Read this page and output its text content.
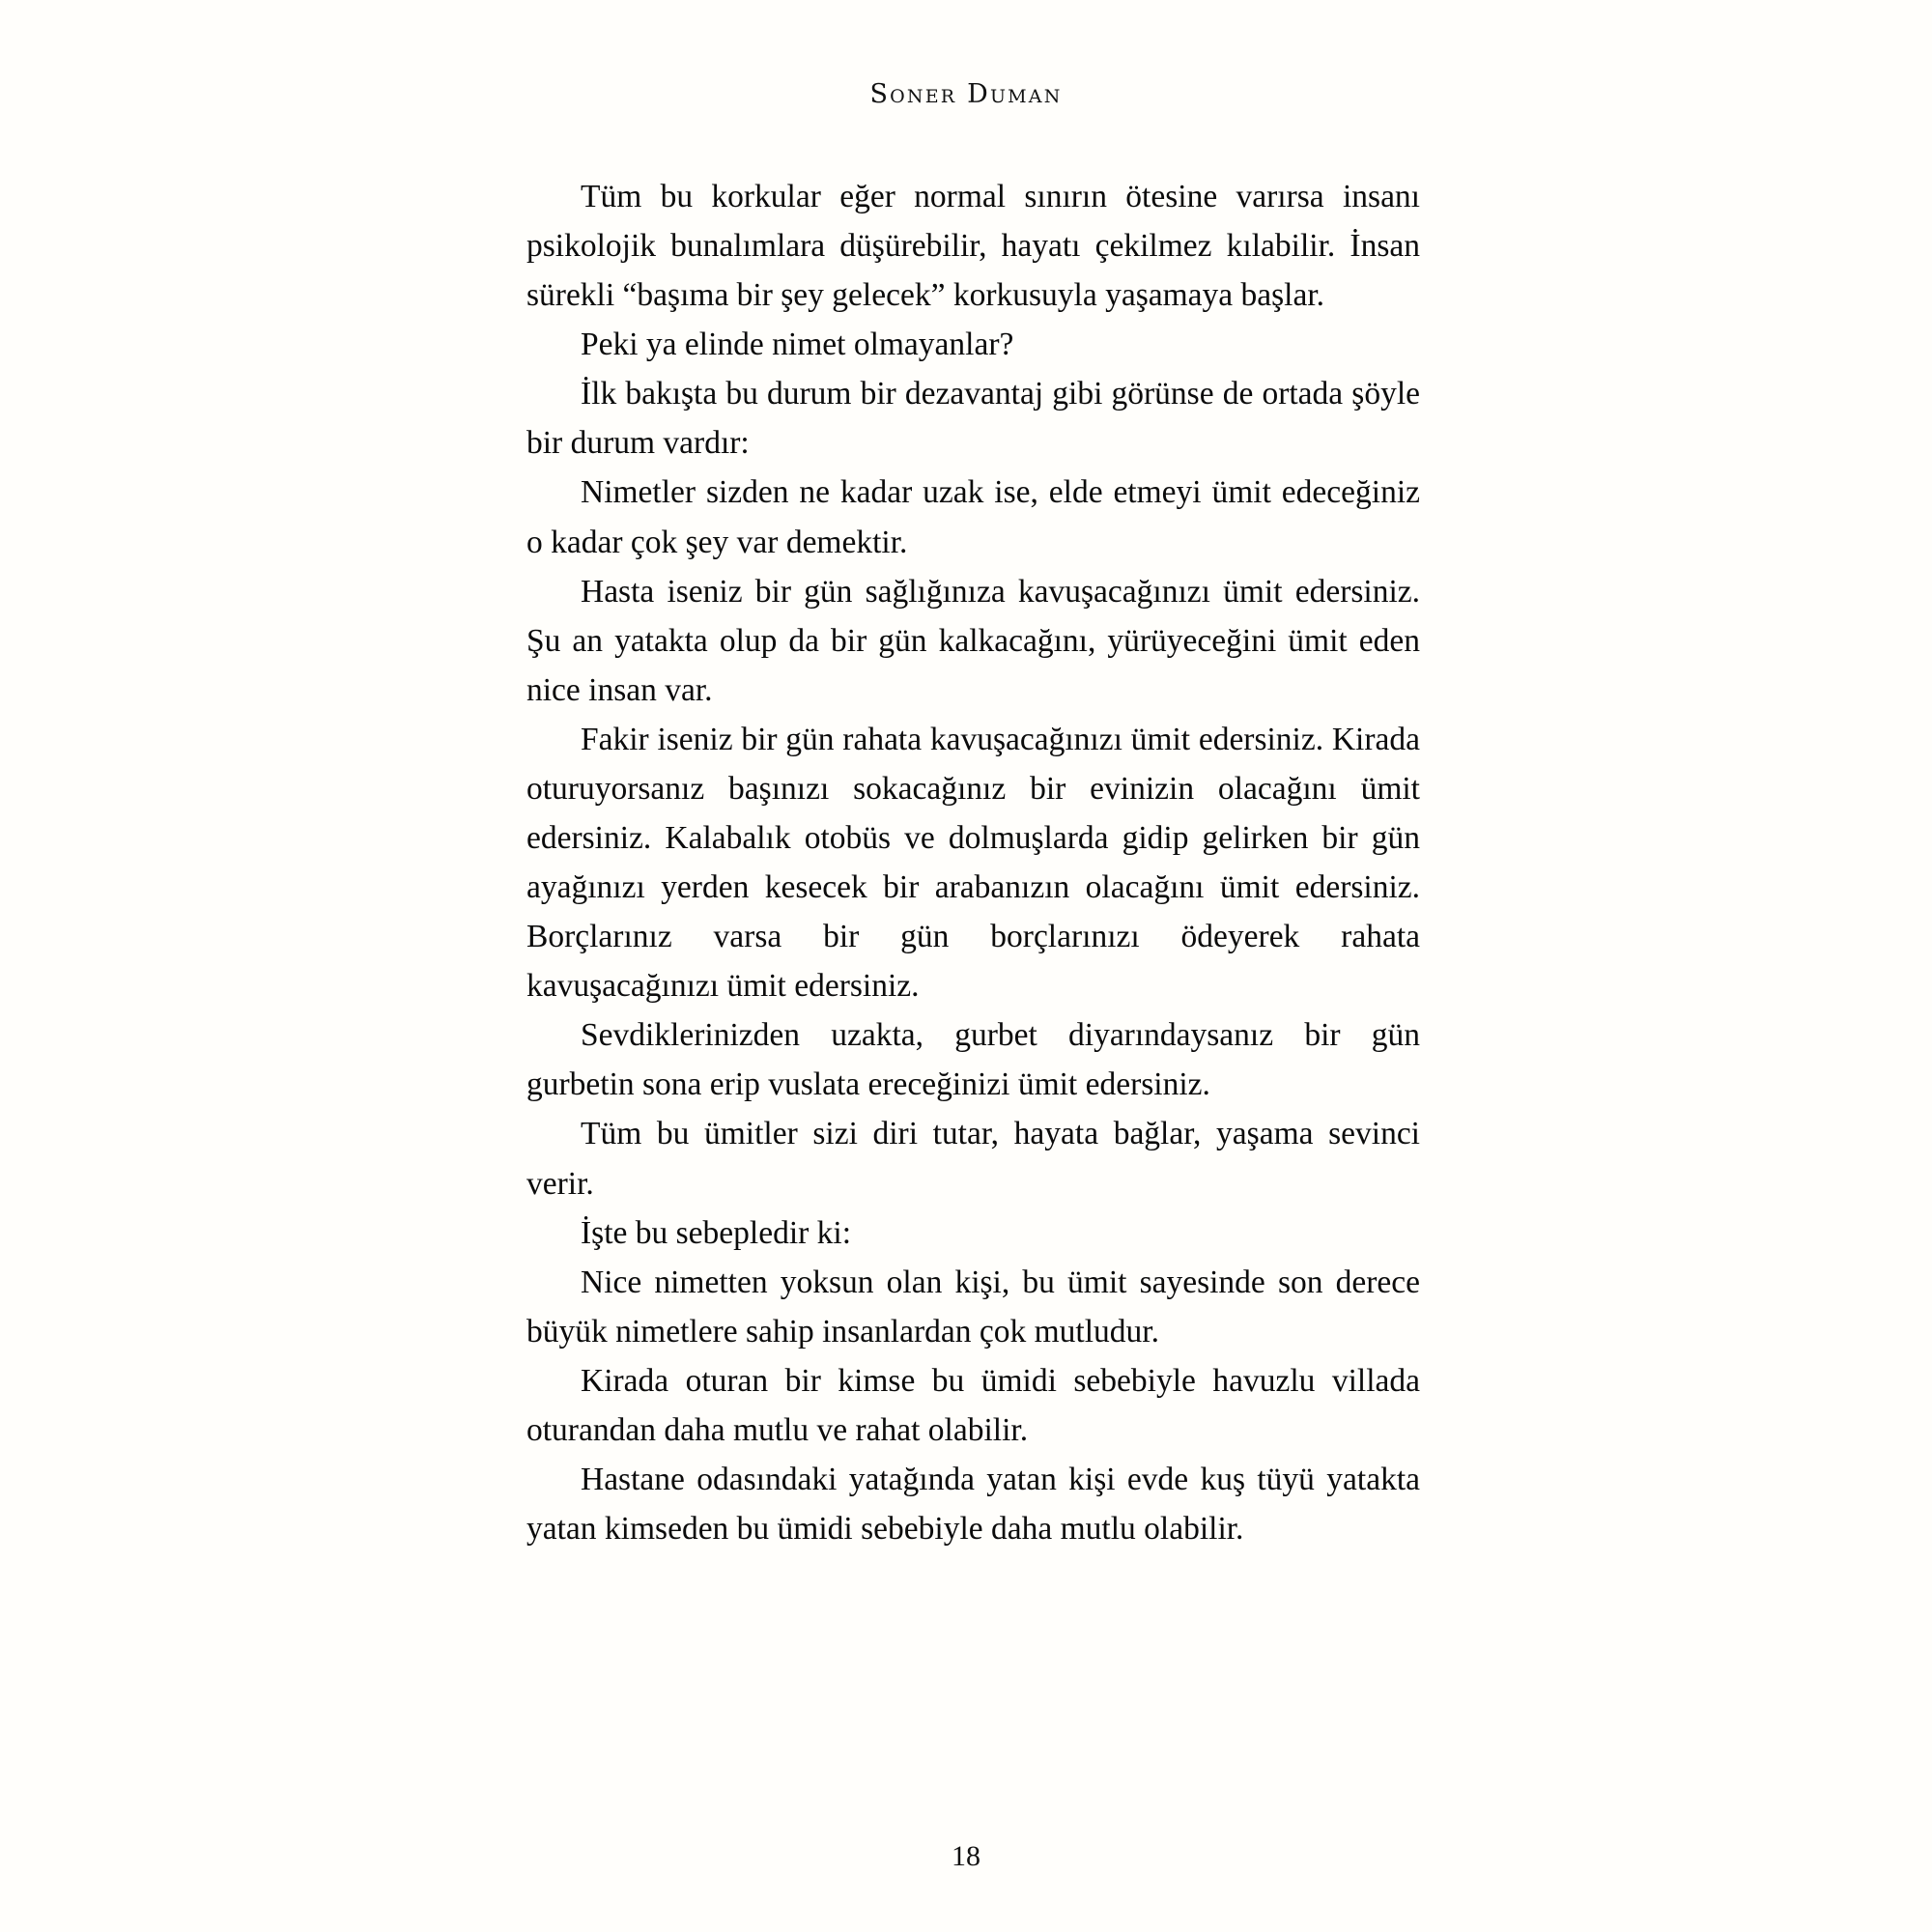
Soner Duman

Tüm bu korkular eğer normal sınırın ötesine varırsa insanı psikolojik bunalımlara düşürebilir, hayatı çekilmez kılabilir. İnsan sürekli “başıma bir şey gelecek” korkusuyla yaşamaya başlar.

Peki ya elinde nimet olmayanlar?

İlk bakışta bu durum bir dezavantaj gibi görünse de ortada şöyle bir durum vardır:

Nimetler sizden ne kadar uzak ise, elde etmeyi ümit edeceğiniz o kadar çok şey var demektir.

Hasta iseniz bir gün sağlığınıza kavuşacağınızı ümit edersiniz. Şu an yatakta olup da bir gün kalkacağını, yürüyeceğini ümit eden nice insan var.

Fakir iseniz bir gün rahata kavuşacağınızı ümit edersiniz. Kirada oturuyorsanız başınızı sokacağınız bir evinizin olacağını ümit edersiniz. Kalabalık otobüs ve dolmuşlarda gidip gelirken bir gün ayağınızı yerden kesecek bir arabanızın olacağını ümit edersiniz. Borçlarınız varsa bir gün borçlarınızı ödeyerek rahata kavuşacağınızı ümit edersiniz.

Sevdiklerinizden uzakta, gurbet diyarındaysanız bir gün gurbetin sona erip vuslata ereceğinizi ümit edersiniz.

Tüm bu ümitler sizi diri tutar, hayata bağlar, yaşama sevinci verir.

İşte bu sebepledir ki:

Nice nimetten yoksun olan kişi, bu ümit sayesinde son derece büyük nimetlere sahip insanlardan çok mutludur.

Kirada oturan bir kimse bu ümidi sebebiyle havuzlu villada oturandan daha mutlu ve rahat olabilir.

Hastane odasındaki yatağında yatan kişi evde kuş tüyü yatakta yatan kimseden bu ümidi sebebiyle daha mutlu olabilir.

18
